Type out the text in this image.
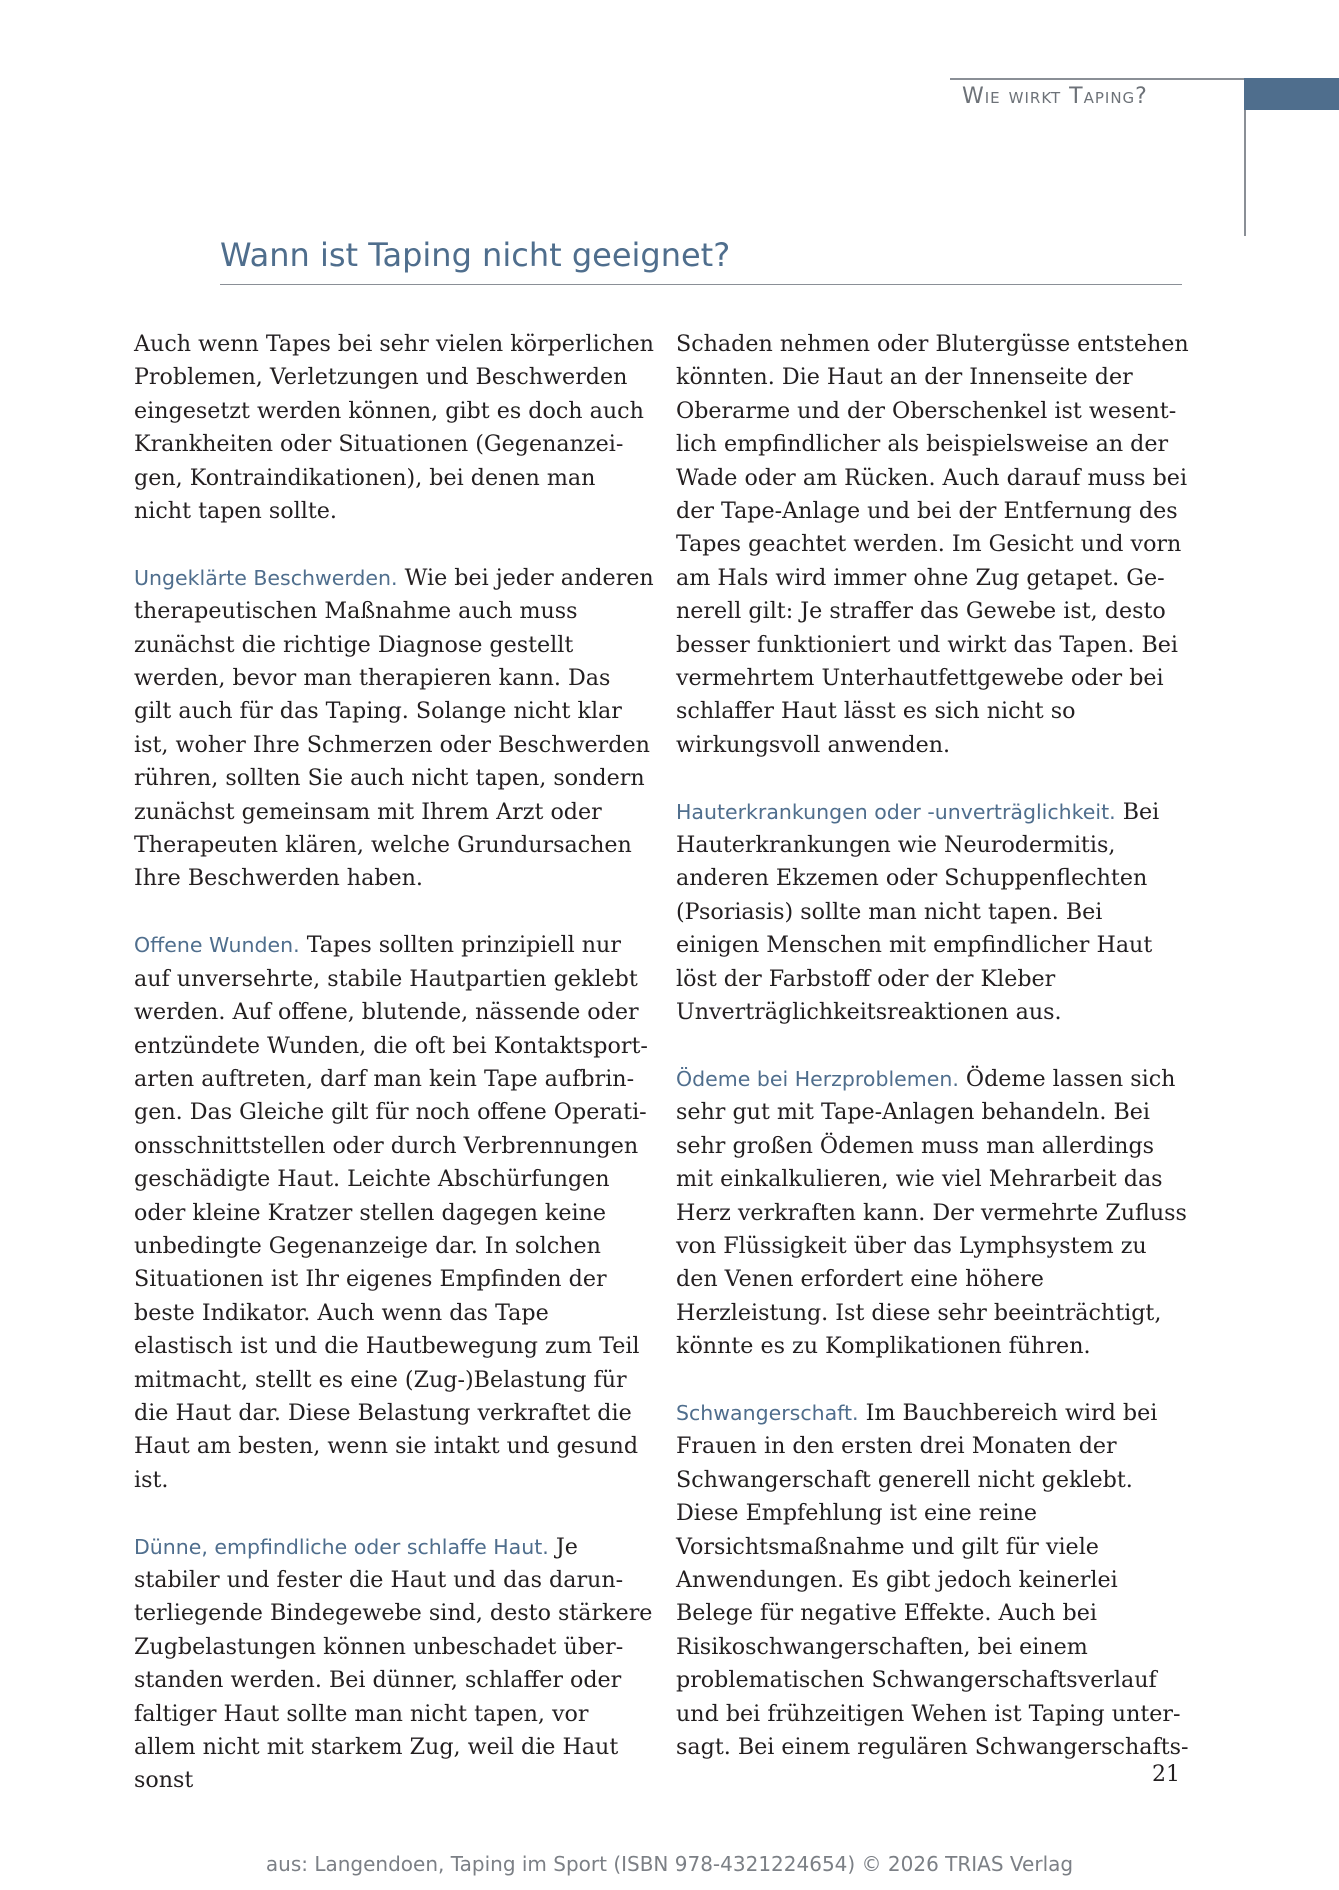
Wie wirkt Taping?
Wann ist Taping nicht geeignet?

Auch wenn Tapes bei sehr vielen körperlichen Problemen, Verletzungen und Beschwerden eingesetzt werden können, gibt es doch auch Krankheiten oder Situationen (Gegenanzeigen, Kontraindikationen), bei denen man nicht tapen sollte.

Ungeklärte Beschwerden. Wie bei jeder anderen therapeutischen Maßnahme auch muss zunächst die richtige Diagnose gestellt werden, bevor man therapieren kann. Das gilt auch für das Taping. Solange nicht klar ist, woher Ihre Schmerzen oder Beschwerden rühren, sollten Sie auch nicht tapen, sondern zunächst gemeinsam mit Ihrem Arzt oder Therapeuten klären, welche Grundursachen Ihre Beschwerden haben.

Offene Wunden. Tapes sollten prinzipiell nur auf unversehrte, stabile Hautpartien geklebt werden. Auf offene, blutende, nässende oder entzündete Wunden, die oft bei Kontaktsportarten auftreten, darf man kein Tape aufbringen. Das Gleiche gilt für noch offene Operationsschnittstellen oder durch Verbrennungen geschädigte Haut. Leichte Abschürfungen oder kleine Kratzer stellen dagegen keine unbedingte Gegenanzeige dar. In solchen Situationen ist Ihr eigenes Empfinden der beste Indikator. Auch wenn das Tape elastisch ist und die Hautbewegung zum Teil mitmacht, stellt es eine (Zug-)Belastung für die Haut dar. Diese Belastung verkraftet die Haut am besten, wenn sie intakt und gesund ist.

Dünne, empfindliche oder schlaffe Haut. Je stabiler und fester die Haut und das darunterliegende Bindegewebe sind, desto stärkere Zugbelastungen können unbeschadet überstanden werden. Bei dünner, schlaffer oder faltiger Haut sollte man nicht tapen, vor allem nicht mit starkem Zug, weil die Haut sonst

Schaden nehmen oder Blutergüsse entstehen könnten. Die Haut an der Innenseite der Oberarme und der Oberschenkel ist wesentlich empfindlicher als beispielsweise an der Wade oder am Rücken. Auch darauf muss bei der Tape-Anlage und bei der Entfernung des Tapes geachtet werden. Im Gesicht und vorn am Hals wird immer ohne Zug getapet. Generell gilt: Je straffer das Gewebe ist, desto besser funktioniert und wirkt das Tapen. Bei vermehrtem Unterhautfettgewebe oder bei schlaffer Haut lässt es sich nicht so wirkungsvoll anwenden.

Hauterkrankungen oder -unverträglichkeit. Bei Hauterkrankungen wie Neurodermitis, anderen Ekzemen oder Schuppenflechten (Psoriasis) sollte man nicht tapen. Bei einigen Menschen mit empfindlicher Haut löst der Farbstoff oder der Kleber Unverträglichkeitsreaktionen aus.

Ödeme bei Herzproblemen. Ödeme lassen sich sehr gut mit Tape-Anlagen behandeln. Bei sehr großen Ödemen muss man allerdings mit einkalkulieren, wie viel Mehrarbeit das Herz verkraften kann. Der vermehrte Zufluss von Flüssigkeit über das Lymphsystem zu den Venen erfordert eine höhere Herzleistung. Ist diese sehr beeinträchtigt, könnte es zu Komplikationen führen.

Schwangerschaft. Im Bauchbereich wird bei Frauen in den ersten drei Monaten der Schwangerschaft generell nicht geklebt. Diese Empfehlung ist eine reine Vorsichtsmaßnahme und gilt für viele Anwendungen. Es gibt jedoch keinerlei Belege für negative Effekte. Auch bei Risikoschwangerschaften, bei einem problematischen Schwangerschaftsverlauf und bei frühzeitigen Wehen ist Taping untersagt. Bei einem regulären Schwangerschafts-

21
aus: Langendoen, Taping im Sport (ISBN 978-4321224654) © 2026 TRIAS Verlag
